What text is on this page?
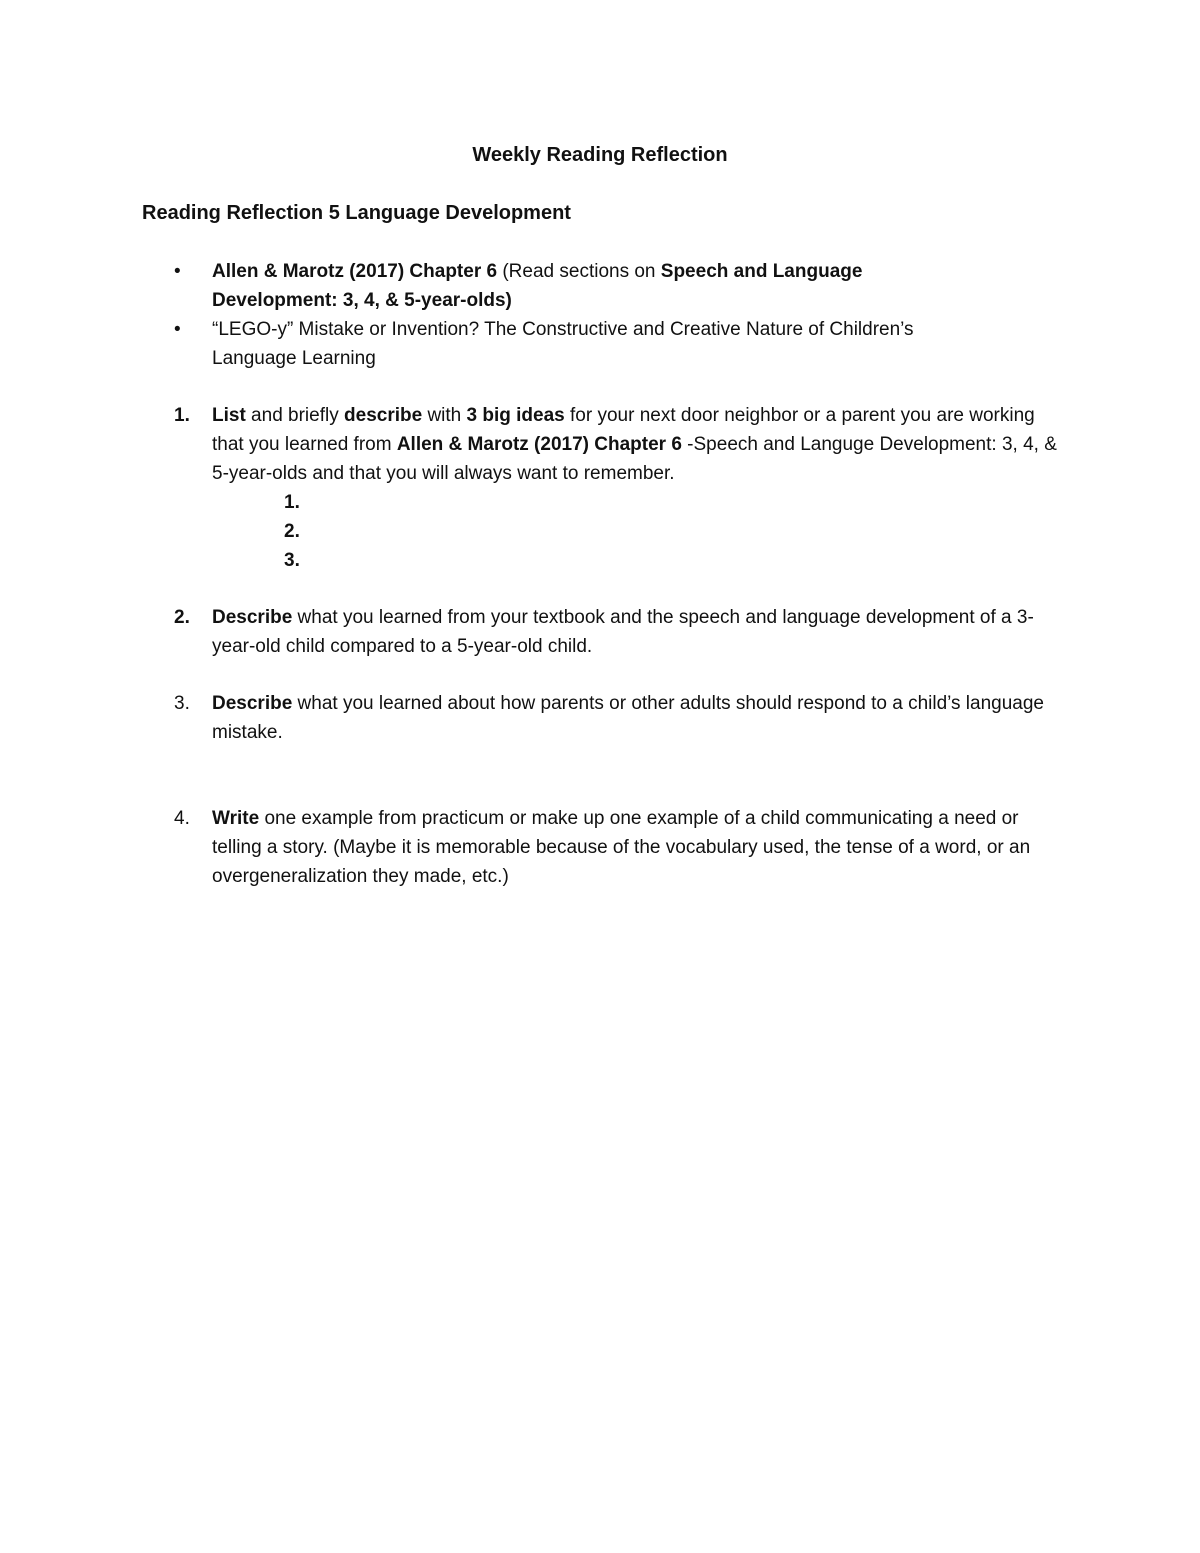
Weekly Reading Reflection
Reading Reflection 5 Language Development
• Allen & Marotz (2017) Chapter 6 (Read sections on Speech and Language
Development: 3, 4, & 5-year-olds)
• “LEGO-y” Mistake or Invention? The Constructive and Creative Nature of Children’s
Language Learning
1. List and briefly describe with 3 big ideas for your next door neighbor or a parent you are working that you learned from Allen & Marotz (2017) Chapter 6 -Speech and Languge Development: 3, 4, & 5-year-olds and that you will always want to remember.
1.
2.
3.
2. Describe what you learned from your textbook and the speech and language development of a 3-year-old child compared to a 5-year-old child.
3. Describe what you learned about how parents or other adults should respond to a child’s language mistake.
4. Write one example from practicum or make up one example of a child communicating a need or telling a story. (Maybe it is memorable because of the vocabulary used, the tense of a word, or an overgeneralization they made, etc.)
